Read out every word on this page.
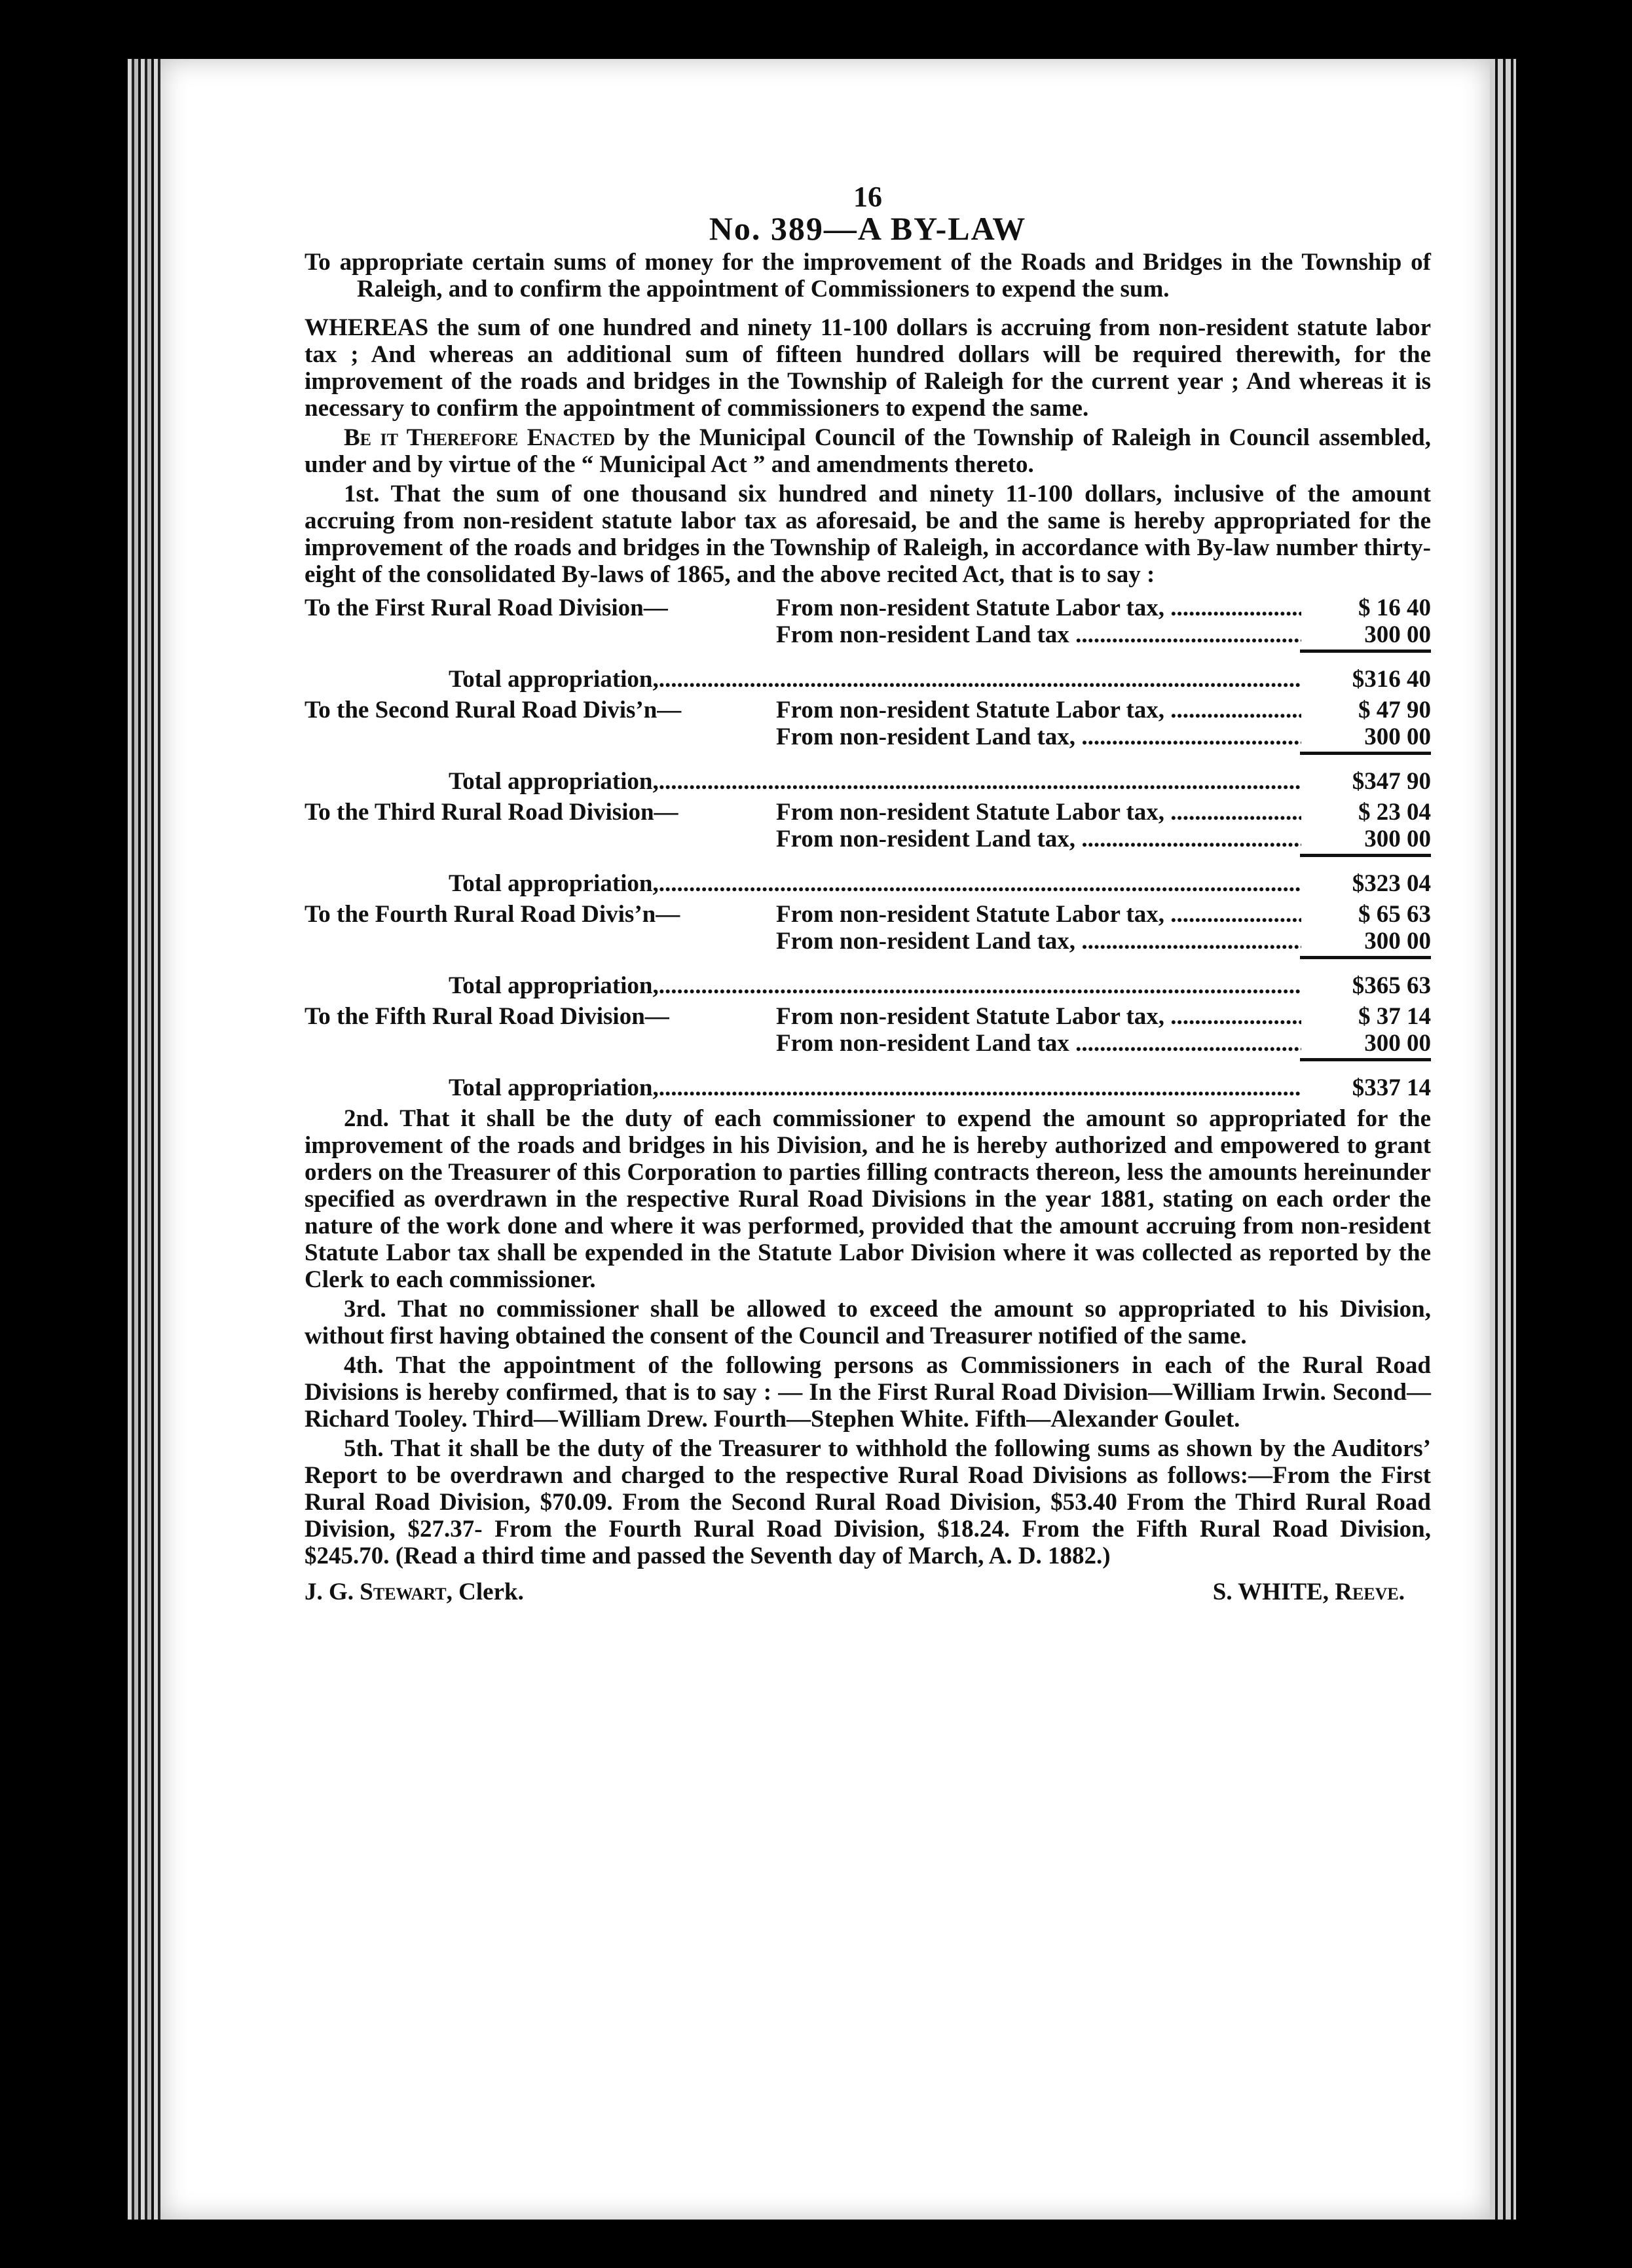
16
No. 389—A BY-LAW

To appropriate certain sums of money for the improvement of the Roads and Bridges in the Township of Raleigh, and to confirm the appointment of Commissioners to expend the sum.

WHEREAS the sum of one hundred and ninety 11-100 dollars is accruing from non-resident statute labor tax ; And whereas an additional sum of fifteen hundred dollars will be required therewith, for the improvement of the roads and bridges in the Township of Raleigh for the current year ; And whereas it is necessary to confirm the appointment of commissioners to expend the same.

Be it Therefore Enacted by the Municipal Council of the Township of Raleigh in Council assembled, under and by virtue of the “ Municipal Act ” and amendments thereto.

1st. That the sum of one thousand six hundred and ninety 11-100 dollars, inclusive of the amount accruing from non-resident statute labor tax as aforesaid, be and the same is hereby appropriated for the improvement of the roads and bridges in the Township of Raleigh, in accordance with By-law number thirty-eight of the consolidated By-laws of 1865, and the above recited Act, that is to say :

To the First Rural Road Division—	From non-resident Statute Labor tax, .....	$ 16 40
From non-resident Land tax .....	300 00
Total appropriation, .....	$316 40
To the Second Rural Road Divis’n—	From non-resident Statute Labor tax, .....	$ 47 90
From non-resident Land tax, .....	300 00
Total appropriation, .....	$347 90
To the Third Rural Road Division—	From non-resident Statute Labor tax, .....	$ 23 04
From non-resident Land tax, .....	300 00
Total appropriation, .....	$323 04
To the Fourth Rural Road Divis’n—	From non-resident Statute Labor tax, .....	$ 65 63
From non-resident Land tax, .....	300 00
Total appropriation, .....	$365 63
To the Fifth Rural Road Division—	From non-resident Statute Labor tax, .....	$ 37 14
From non-resident Land tax .....	300 00
Total appropriation, .....	$337 14

2nd. That it shall be the duty of each commissioner to expend the amount so appropriated for the improvement of the roads and bridges in his Division, and he is hereby authorized and empowered to grant orders on the Treasurer of this Corporation to parties filling contracts thereon, less the amounts hereinunder specified as overdrawn in the respective Rural Road Divisions in the year 1881, stating on each order the nature of the work done and where it was performed, provided that the amount accruing from non-resident Statute Labor tax shall be expended in the Statute Labor Division where it was collected as reported by the Clerk to each commissioner.

3rd. That no commissioner shall be allowed to exceed the amount so appropriated to his Division, without first having obtained the consent of the Council and Treasurer notified of the same.

4th. That the appointment of the following persons as Commissioners in each of the Rural Road Divisions is hereby confirmed, that is to say : — In the First Rural Road Division—William Irwin. Second—Richard Tooley. Third—William Drew. Fourth—Stephen White. Fifth—Alexander Goulet.

5th. That it shall be the duty of the Treasurer to withhold the following sums as shown by the Auditors’ Report to be overdrawn and charged to the respective Rural Road Divisions as follows:—From the First Rural Road Division, $70.09. From the Second Rural Road Division, $53.40 From the Third Rural Road Division, $27.37- From the Fourth Rural Road Division, $18.24. From the Fifth Rural Road Division, $245.70. (Read a third time and passed the Seventh day of March, A. D. 1882.)

J. G. Stewart, Clerk.	S. WHITE, Reeve.
